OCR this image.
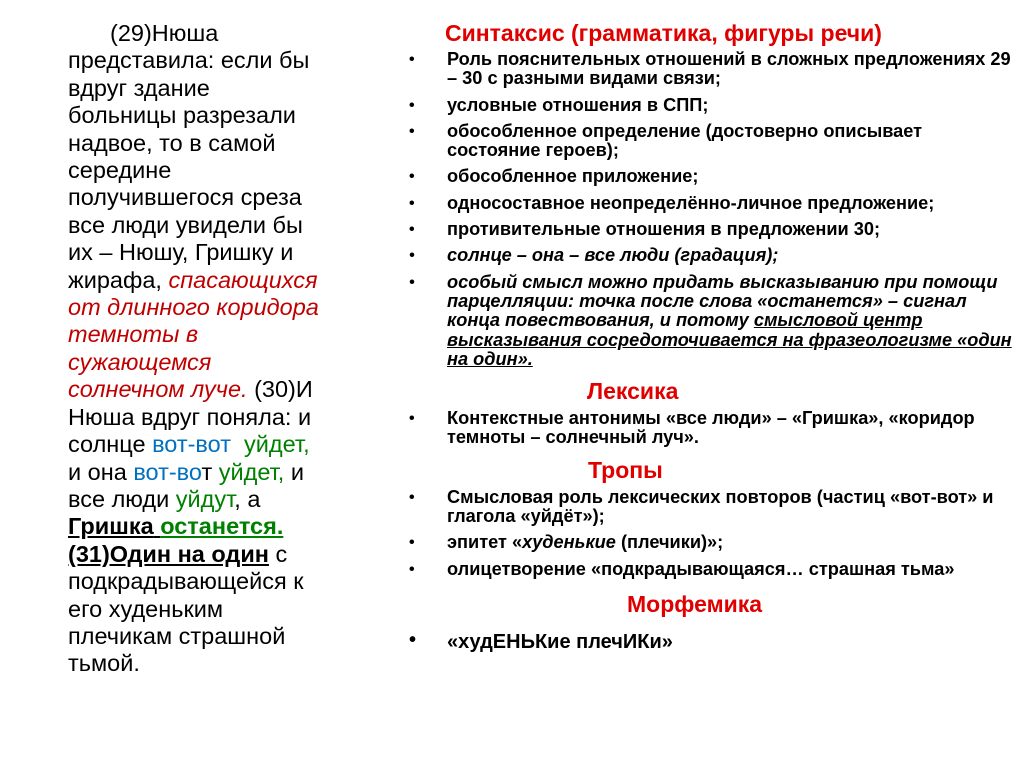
(29)Нюша
представила: если бы
вдруг здание
больницы разрезали
надвое, то в самой
середине
получившегося среза
все люди увидели бы
их – Нюшу, Гришку и
жирафа, спасающихся
от длинного коридора
темноты в
сужающемся
солнечном луче. (30)И
Нюша вдруг поняла: и
солнце вот-вот уйдет,
и она вот-вот уйдет, и
все люди уйдут, а
Гришка останется.
(31)Один на один с
подкрадывающейся к
его худеньким
плечикам страшной
тьмой.
Синтаксис (грамматика, фигуры речи)
• Роль пояснительных отношений в сложных предложениях 29 – 30 с разными видами связи;
• условные отношения в СПП;
• обособленное определение (достоверно описывает состояние героев);
• обособленное приложение;
• односоставное неопределённо-личное предложение;
• противительные отношения в предложении 30;
• солнце – она – все люди (градация);
• особый смысл можно придать высказыванию при помощи парцелляции: точка после слова «останется» – сигнал конца повествования, и потому смысловой центр высказывания сосредоточивается на фразеологизме «один на один».
Лексика
• Контекстные антонимы «все люди» – «Гришка», «коридор темноты – солнечный луч».
Тропы
• Смысловая роль лексических повторов (частиц «вот-вот» и глагола «уйдёт»);
• эпитет «худенькие (плечики)»;
• олицетворение «подкрадывающаяся… страшная тьма»
Морфемика
• «худЕНЬКие плечИКи»
